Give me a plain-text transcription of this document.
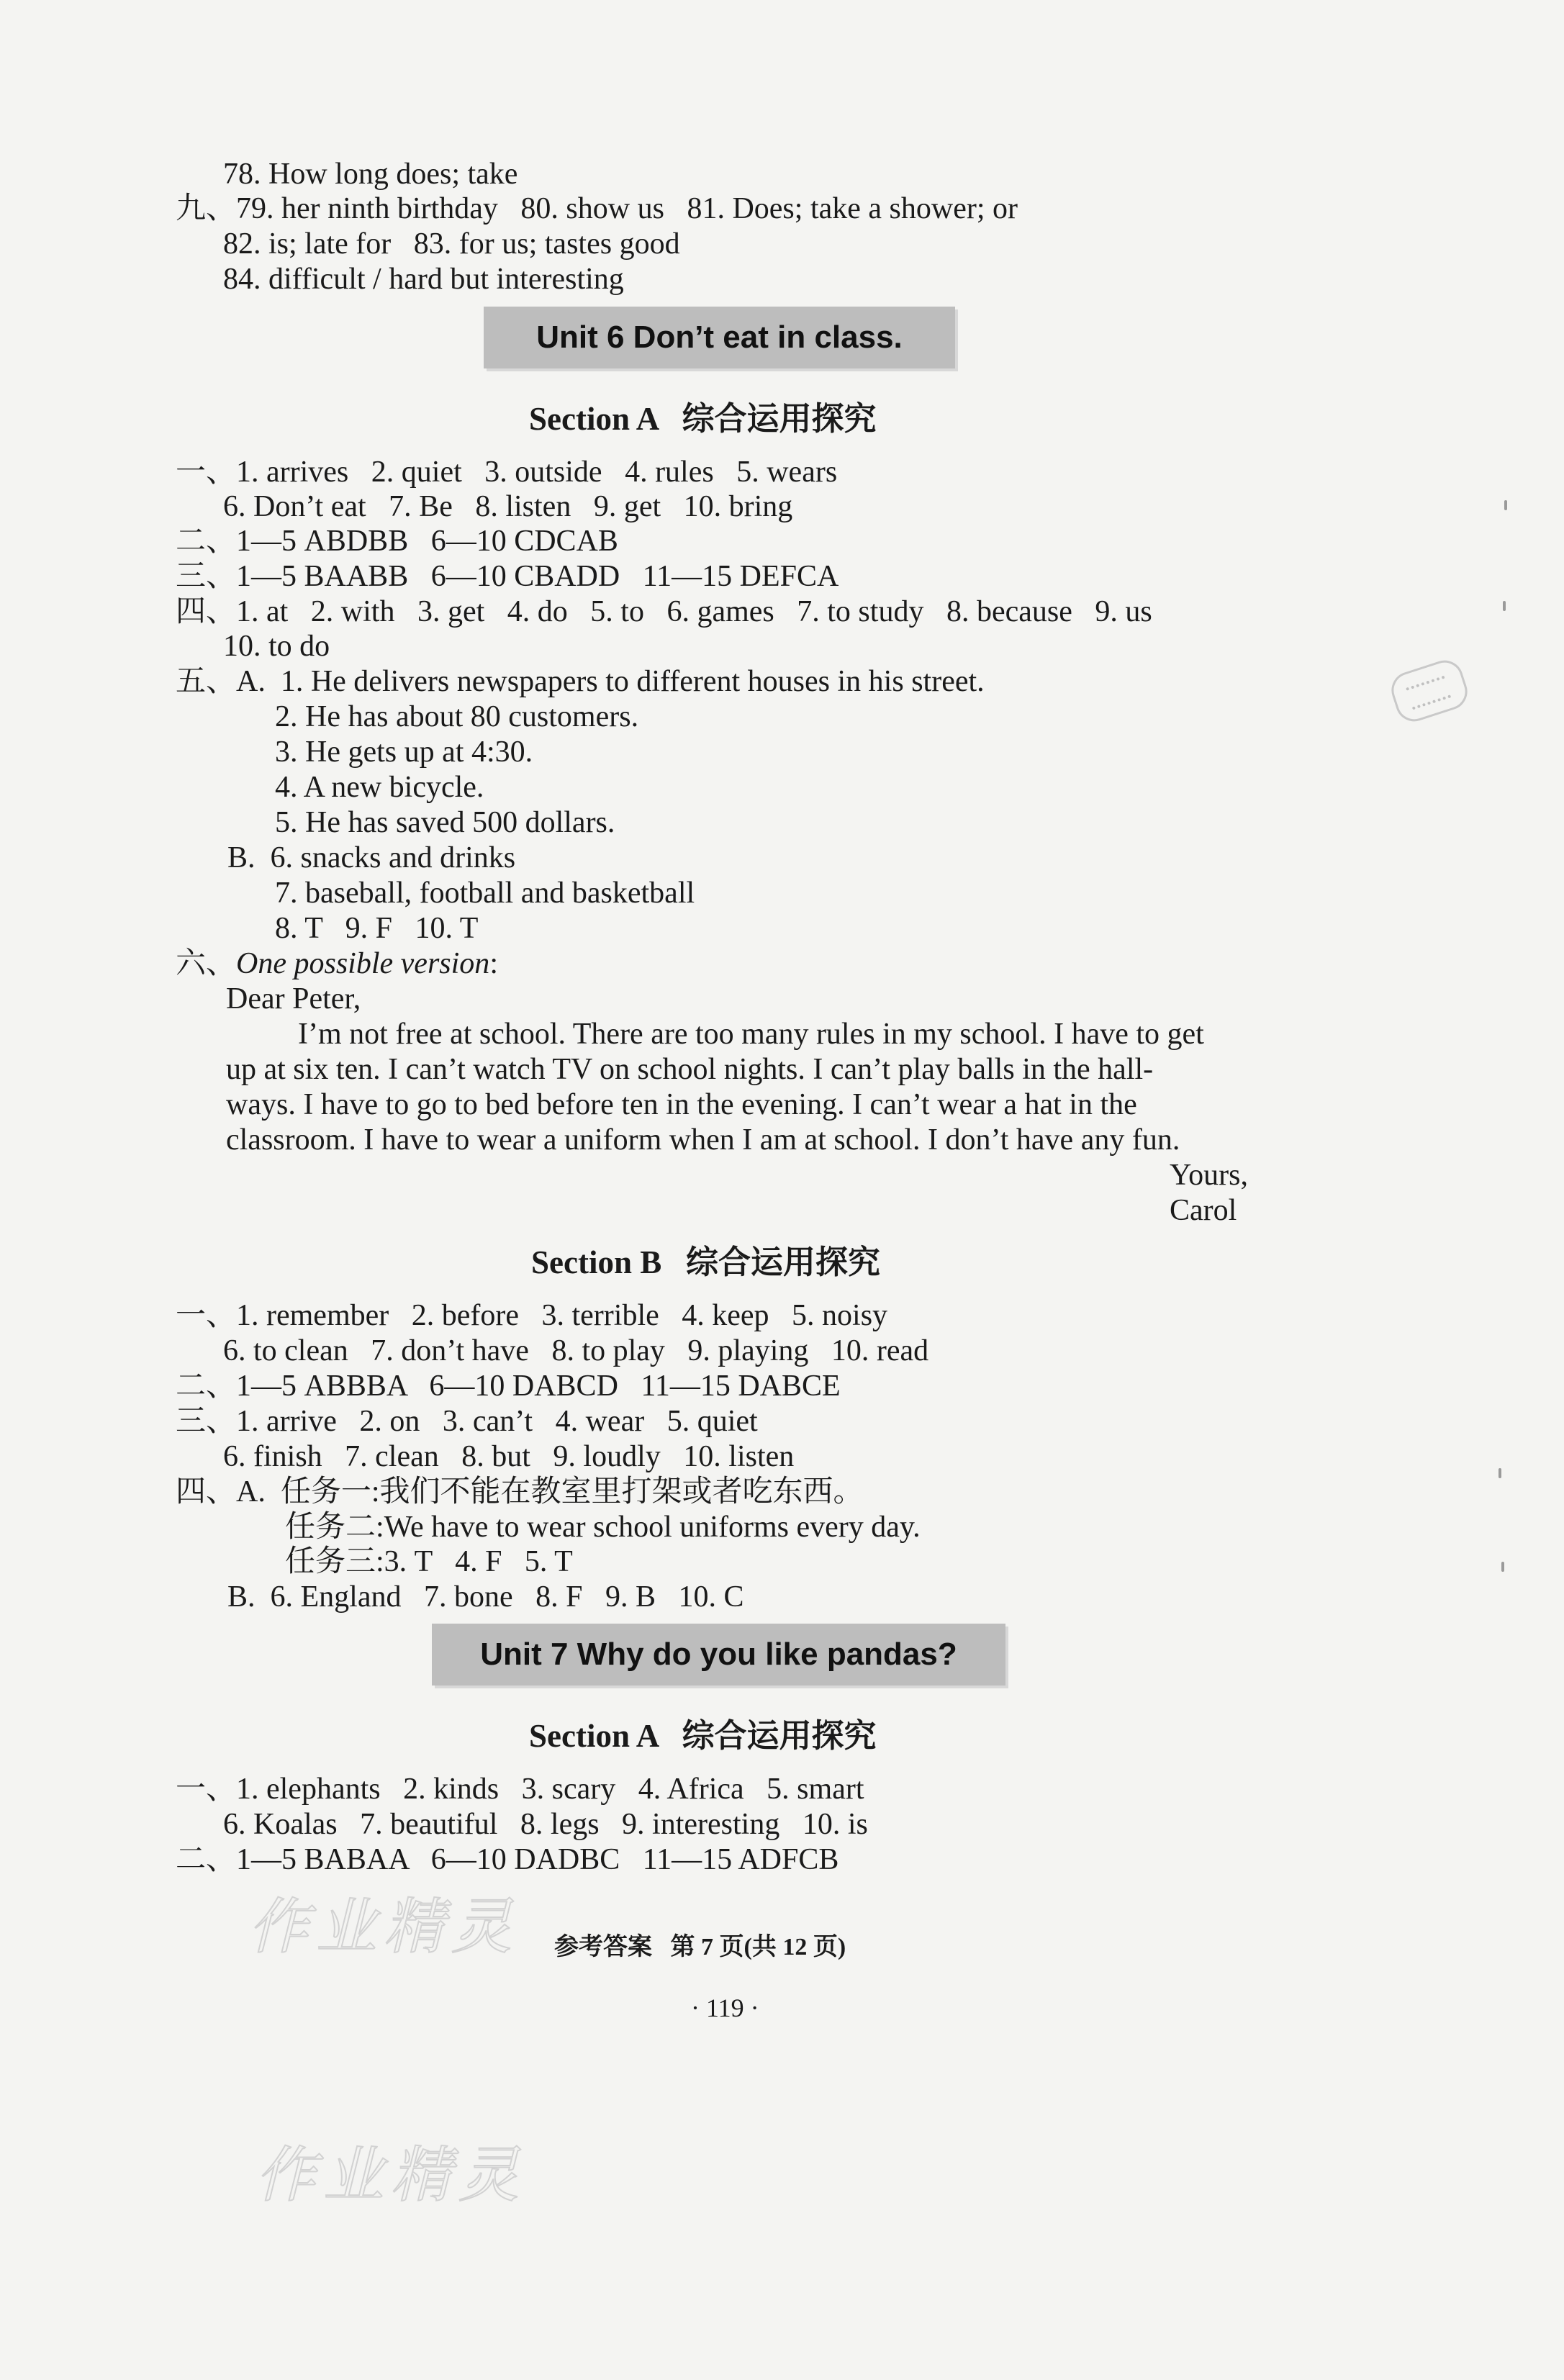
78. How long does; take
九、79. her ninth birthday   80. show us   81. Does; take a shower; or
82. is; late for   83. for us; tastes good
84. difficult / hard but interesting
Unit 6 Don’t eat in class.
Section A   综合运用探究
一、1. arrives   2. quiet   3. outside   4. rules   5. wears
6. Don’t eat   7. Be   8. listen   9. get   10. bring
二、1—5 ABDBB   6—10 CDCAB
三、1—5 BAABB   6—10 CBADD   11—15 DEFCA
四、1. at   2. with   3. get   4. do   5. to   6. games   7. to study   8. because   9. us
10. to do
五、A.  1. He delivers newspapers to different houses in his street.
2. He has about 80 customers.
3. He gets up at 4:30.
4. A new bicycle.
5. He has saved 500 dollars.
B.  6. snacks and drinks
7. baseball, football and basketball
8. T   9. F   10. T
六、One possible version:
Dear Peter,
I’m not free at school. There are too many rules in my school. I have to get
up at six ten. I can’t watch TV on school nights. I can’t play balls in the hall-
ways. I have to go to bed before ten in the evening. I can’t wear a hat in the
classroom. I have to wear a uniform when I am at school. I don’t have any fun.
Yours,
Carol
Section B   综合运用探究
一、1. remember   2. before   3. terrible   4. keep   5. noisy
6. to clean   7. don’t have   8. to play   9. playing   10. read
二、1—5 ABBBA   6—10 DABCD   11—15 DABCE
三、1. arrive   2. on   3. can’t   4. wear   5. quiet
6. finish   7. clean   8. but   9. loudly   10. listen
四、A.  任务一:我们不能在教室里打架或者吃东西。
任务二:We have to wear school uniforms every day.
任务三:3. T   4. F   5. T
B.  6. England   7. bone   8. F   9. B   10. C
Unit 7 Why do you like pandas?
Section A   综合运用探究
一、1. elephants   2. kinds   3. scary   4. Africa   5. smart
6. Koalas   7. beautiful   8. legs   9. interesting   10. is
二、1—5 BABAA   6—10 DADBC   11—15 ADFCB
作业精灵
作业精灵
参考答案   第 7 页(共 12 页)
· 119 ·
